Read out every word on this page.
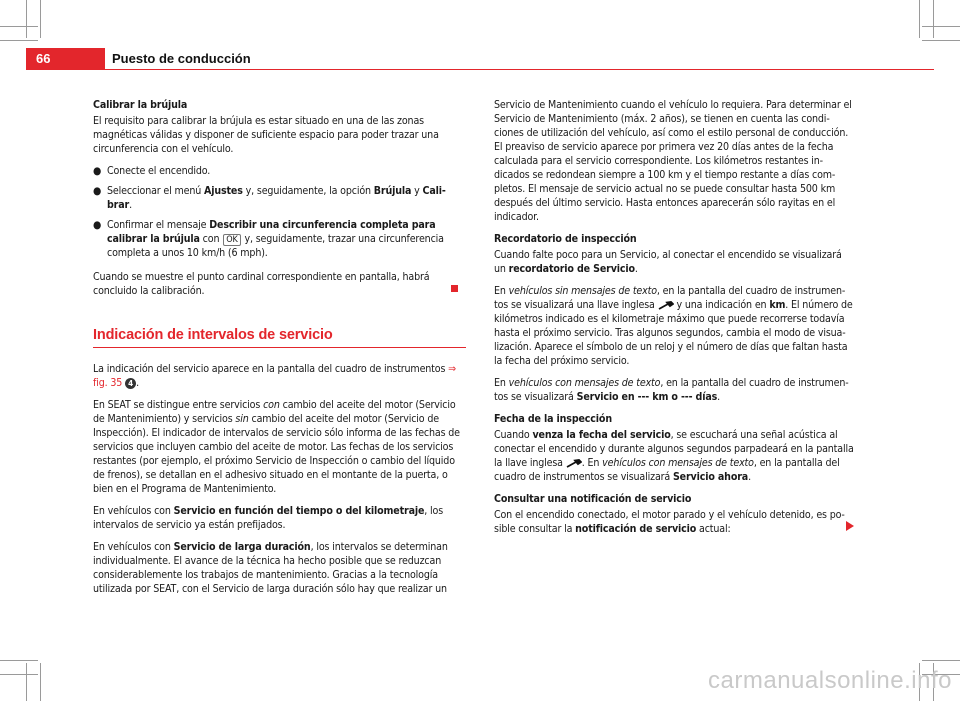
66	Puesto de conducción
Calibrar la brújula

El requisito para calibrar la brújula es estar situado en una de las zonas magnéticas válidas y disponer de suficiente espacio para poder trazar una circunferencia con el vehículo.

● Conecte el encendido.
● Seleccionar el menú Ajustes y, seguidamente, la opción Brújula y Calibrar.
● Confirmar el mensaje Describir una circunferencia completa para calibrar la brújula con OK y, seguidamente, trazar una circunferencia completa a unos 10 km/h (6 mph).

Cuando se muestre el punto cardinal correspondiente en pantalla, habrá concluido la calibración.

Indicación de intervalos de servicio

La indicación del servicio aparece en la pantalla del cuadro de instrumentos ⇒ fig. 35 4 .

En SEAT se distingue entre servicios con cambio del aceite del motor (Servicio de Mantenimiento) y servicios sin cambio del aceite del motor (Servicio de Inspección). El indicador de intervalos de servicio sólo informa de las fechas de servicios que incluyen cambio del aceite de motor. Las fechas de los servicios restantes (por ejemplo, el próximo Servicio de Inspección o cambio del líquido de frenos), se detallan en el adhesivo situado en el montante de la puerta, o bien en el Programa de Mantenimiento.

En vehículos con Servicio en función del tiempo o del kilometraje, los intervalos de servicio ya están prefijados.

En vehículos con Servicio de larga duración, los intervalos se determinan individualmente. El avance de la técnica ha hecho posible que se reduzcan considerablemente los trabajos de mantenimiento. Gracias a la tecnología utilizada por SEAT, con el Servicio de larga duración sólo hay que realizar un

Servicio de Mantenimiento cuando el vehículo lo requiera. Para determinar el Servicio de Mantenimiento (máx. 2 años), se tienen en cuenta las condiciones de utilización del vehículo, así como el estilo personal de conducción. El preaviso de servicio aparece por primera vez 20 días antes de la fecha calculada para el servicio correspondiente. Los kilómetros restantes indicados se redondean siempre a 100 km y el tiempo restante a días completos. El mensaje de servicio actual no se puede consultar hasta 500 km después del último servicio. Hasta entonces aparecerán sólo rayitas en el indicador.

Recordatorio de inspección

Cuando falte poco para un Servicio, al conectar el encendido se visualizará un recordatorio de Servicio.

En vehículos sin mensajes de texto, en la pantalla del cuadro de instrumentos se visualizará una llave inglesa  y una indicación en km. El número de kilómetros indicado es el kilometraje máximo que puede recorrerse todavía hasta el próximo servicio. Tras algunos segundos, cambia el modo de visualización. Aparece el símbolo de un reloj y el número de días que faltan hasta la fecha del próximo servicio.

En vehículos con mensajes de texto, en la pantalla del cuadro de instrumentos se visualizará Servicio en --- km o --- días.

Fecha de la inspección

Cuando venza la fecha del servicio, se escuchará una señal acústica al conectar el encendido y durante algunos segundos parpadeará en la pantalla la llave inglesa . En vehículos con mensajes de texto, en la pantalla del cuadro de instrumentos se visualizará Servicio ahora.

Consultar una notificación de servicio

Con el encendido conectado, el motor parado y el vehículo detenido, es posible consultar la notificación de servicio actual:

carmanualsonline.info
